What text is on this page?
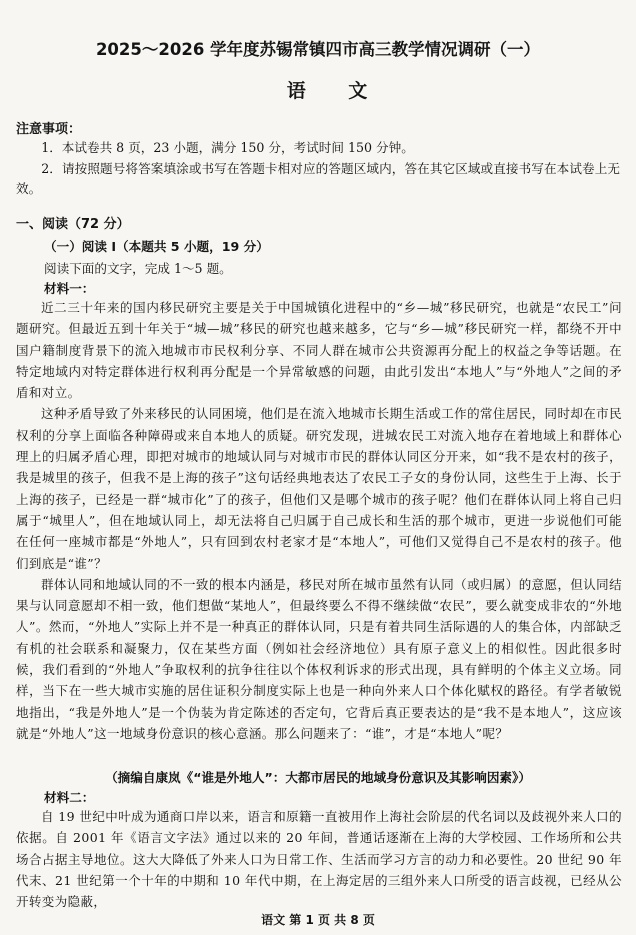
2025～2026 学年度苏锡常镇四市高三教学情况调研（一）
语 文
注意事项：

1．本试卷共 8 页，23 小题，满分 150 分，考试时间 150 分钟。

2．请按照题号将答案填涂或书写在答题卡相对应的答题区域内，答在其它区域或直接书写在本试卷上无效。

一、阅读（72 分）
（一）阅读 I（本题共 5 小题，19 分）
阅读下面的文字，完成 1～5 题。
材料一：

近二三十年来的国内移民研究主要是关于中国城镇化进程中的“乡—城”移民研究，也就是“农民工”问题研究。但最近五到十年关于“城—城”移民的研究也越来越多，它与“乡—城”移民研究一样，都绕不开中国户籍制度背景下的流入地城市市民权利分享、不同人群在城市公共资源再分配上的权益之争等话题。在特定地域内对特定群体进行权利再分配是一个异常敏感的问题，由此引发出“本地人”与“外地人”之间的矛盾和对立。

这种矛盾导致了外来移民的认同困境，他们是在流入地城市长期生活或工作的常住居民，同时却在市民权利的分享上面临各种障碍或来自本地人的质疑。研究发现，进城农民工对流入地存在着地域上和群体心理上的归属矛盾心理，即把对城市的地域认同与对城市市民的群体认同区分开来，如“我不是农村的孩子，我是城里的孩子，但我不是上海的孩子”这句话经典地表达了农民工子女的身份认同，这些生于上海、长于上海的孩子，已经是一群“城市化”了的孩子，但他们又是哪个城市的孩子呢？他们在群体认同上将自己归属于“城里人”，但在地域认同上，却无法将自己归属于自己成长和生活的那个城市，更进一步说他们可能在任何一座城市都是“外地人”，只有回到农村老家才是“本地人”，可他们又觉得自己不是农村的孩子。他们到底是“谁”？

群体认同和地域认同的不一致的根本内涵是，移民对所在城市虽然有认同（或归属）的意愿，但认同结果与认同意愿却不相一致，他们想做“某地人”，但最终要么不得不继续做“农民”，要么就变成非农的“外地人”。然而，“外地人”实际上并不是一种真正的群体认同，只是有着共同生活际遇的人的集合体，内部缺乏有机的社会联系和凝聚力，仅在某些方面（例如社会经济地位）具有原子意义上的相似性。因此很多时候，我们看到的“外地人”争取权利的抗争往往以个体权利诉求的形式出现，具有鲜明的个体主义立场。同样，当下在一些大城市实施的居住证积分制度实际上也是一种向外来人口个体化赋权的路径。有学者敏锐地指出，“我是外地人”是一个伪装为肯定陈述的否定句，它背后真正要表达的是“我不是本地人”，这应该就是“外地人”这一地域身份意识的核心意涵。那么问题来了：“谁”，才是“本地人”呢？

（摘编自康岚《“谁是外地人”：大都市居民的地域身份意识及其影响因素》）
材料二：

自 19 世纪中叶成为通商口岸以来，语言和原籍一直被用作上海社会阶层的代名词以及歧视外来人口的依据。自 2001 年《语言文字法》通过以来的 20 年间，普通话逐渐在上海的大学校园、工作场所和公共场合占据主导地位。这大大降低了外来人口为日常工作、生活而学习方言的动力和必要性。20 世纪 90 年代末、21 世纪第一个十年的中期和 10 年代中期，在上海定居的三组外来人口所受的语言歧视，已经从公开转变为隐蔽，

语文 第 1 页 共 8 页
